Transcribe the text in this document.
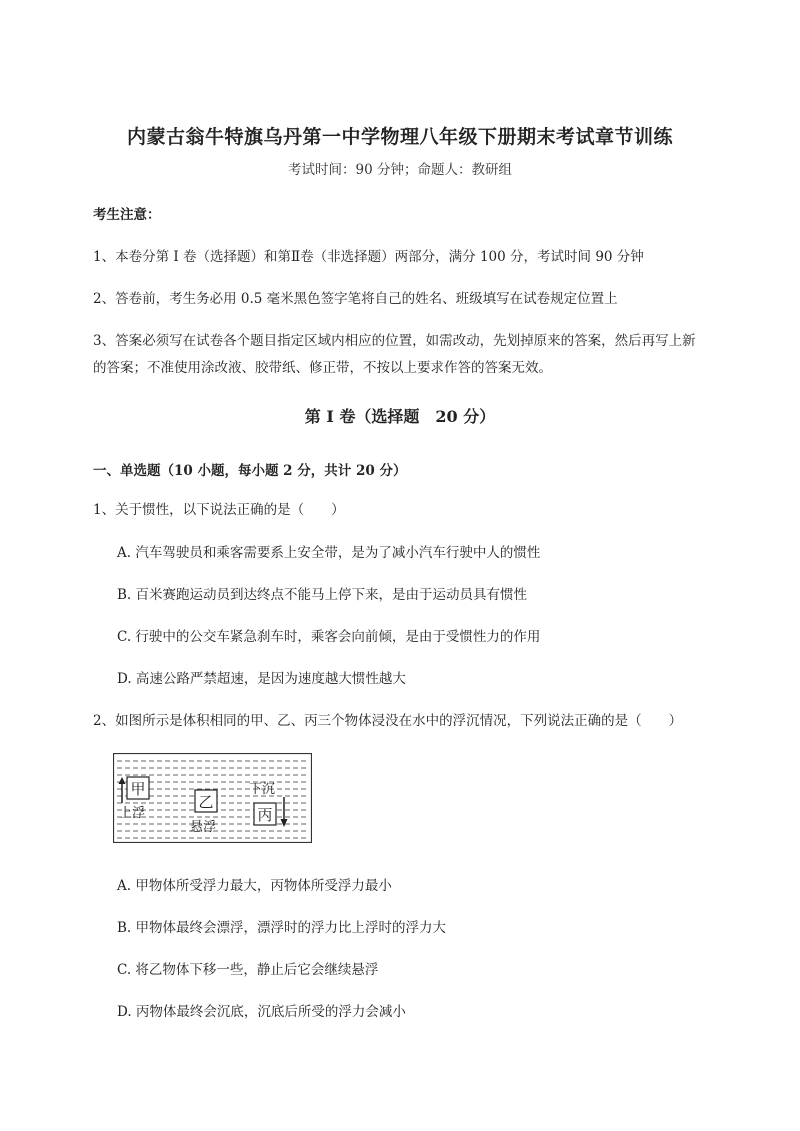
内蒙古翁牛特旗乌丹第一中学物理八年级下册期末考试章节训练
考试时间：90 分钟；命题人：教研组
考生注意：
1、本卷分第 I 卷（选择题）和第Ⅱ卷（非选择题）两部分，满分 100 分，考试时间 90 分钟
2、答卷前，考生务必用 0.5 毫米黑色签字笔将自己的姓名、班级填写在试卷规定位置上
3、答案必须写在试卷各个题目指定区域内相应的位置，如需改动，先划掉原来的答案，然后再写上新
的答案；不准使用涂改液、胶带纸、修正带，不按以上要求作答的答案无效。
第 I 卷（选择题　20 分）
一、单选题（10 小题，每小题 2 分，共计 20 分）
1、关于惯性，以下说法正确的是（　　）
A. 汽车驾驶员和乘客需要系上安全带，是为了减小汽车行驶中人的惯性
B. 百米赛跑运动员到达终点不能马上停下来，是由于运动员具有惯性
C. 行驶中的公交车紧急刹车时，乘客会向前倾，是由于受惯性力的作用
D. 高速公路严禁超速，是因为速度越大惯性越大
2、如图所示是体积相同的甲、乙、丙三个物体浸没在水中的浮沉情况，下列说法正确的是（　　）
甲
上浮
乙
悬浮
下沉
丙
A. 甲物体所受浮力最大，丙物体所受浮力最小
B. 甲物体最终会漂浮，漂浮时的浮力比上浮时的浮力大
C. 将乙物体下移一些，静止后它会继续悬浮
D. 丙物体最终会沉底，沉底后所受的浮力会减小
